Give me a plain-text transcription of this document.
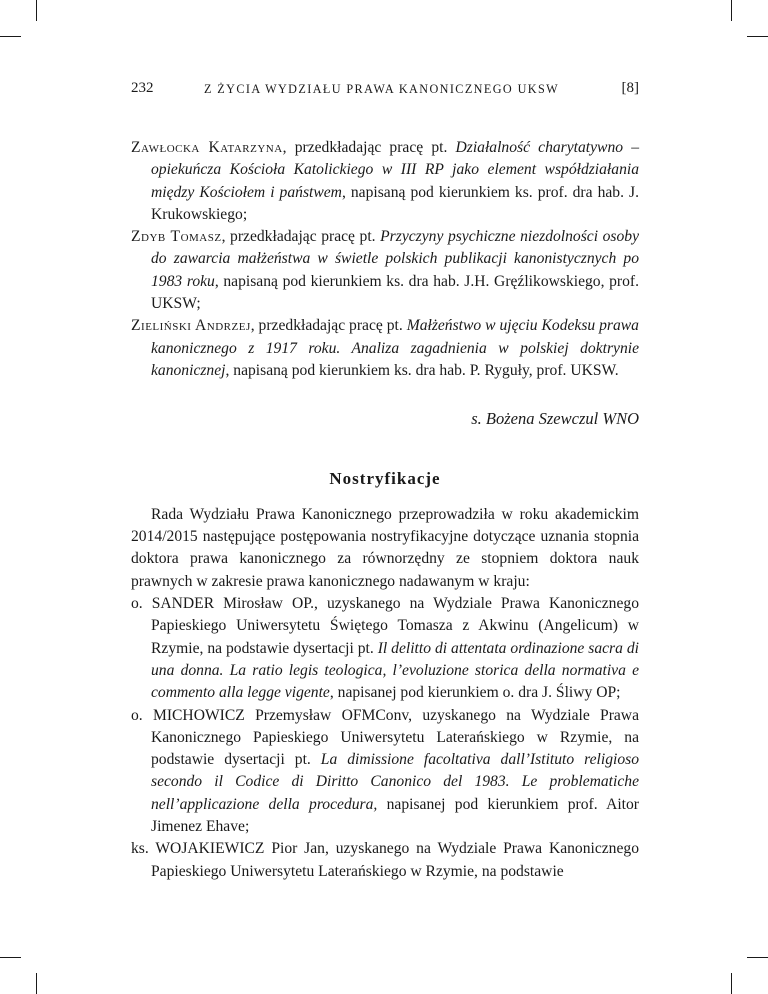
232	Z ŻYCIA WYDZIAŁU PRAWA KANONICZNEGO UKSW	[8]

Zawłocka Katarzyna, przedkładając pracę pt. Działalność charytatywno – opiekuńcza Kościoła Katolickiego w III RP jako element współdziałania między Kościołem i państwem, napisaną pod kierunkiem ks. prof. dra hab. J. Krukowskiego;

Zdyb Tomasz, przedkładając pracę pt. Przyczyny psychiczne niezdolności osoby do zawarcia małżeństwa w świetle polskich publikacji kanonistycznych po 1983 roku, napisaną pod kierunkiem ks. dra hab. J.H. Gręźlikowskiego, prof. UKSW;

Zieliński Andrzej, przedkładając pracę pt. Małżeństwo w ujęciu Kodeksu prawa kanonicznego z 1917 roku. Analiza zagadnienia w polskiej doktrynie kanonicznej, napisaną pod kierunkiem ks. dra hab. P. Ryguły, prof. UKSW.

s. Bożena Szewczul WNO
Nostryfikacje

Rada Wydziału Prawa Kanonicznego przeprowadziła w roku akademickim 2014/2015 następujące postępowania nostryfikacyjne dotyczące uznania stopnia doktora prawa kanonicznego za równorzędny ze stopniem doktora nauk prawnych w zakresie prawa kanonicznego nadawanym w kraju:

o. SANDER Mirosław OP., uzyskanego na Wydziale Prawa Kanonicznego Papieskiego Uniwersytetu Świętego Tomasza z Akwinu (Angelicum) w Rzymie, na podstawie dysertacji pt. Il delitto di attentata ordinazione sacra di una donna. La ratio legis teologica, l’evoluzione storica della normativa e commento alla legge vigente, napisanej pod kierunkiem o. dra J. Śliwy OP;

o. MICHOWICZ Przemysław OFMConv, uzyskanego na Wydziale Prawa Kanonicznego Papieskiego Uniwersytetu Laterańskiego w Rzymie, na podstawie dysertacji pt. La dimissione facoltativa dall’Istituto religioso secondo il Codice di Diritto Canonico del 1983. Le problematiche nell’applicazione della procedura, napisanej pod kierunkiem prof. Aitor Jimenez Ehave;

ks. WOJAKIEWICZ Pior Jan, uzyskanego na Wydziale Prawa Kanonicznego Papieskiego Uniwersytetu Laterańskiego w Rzymie, na podstawie
